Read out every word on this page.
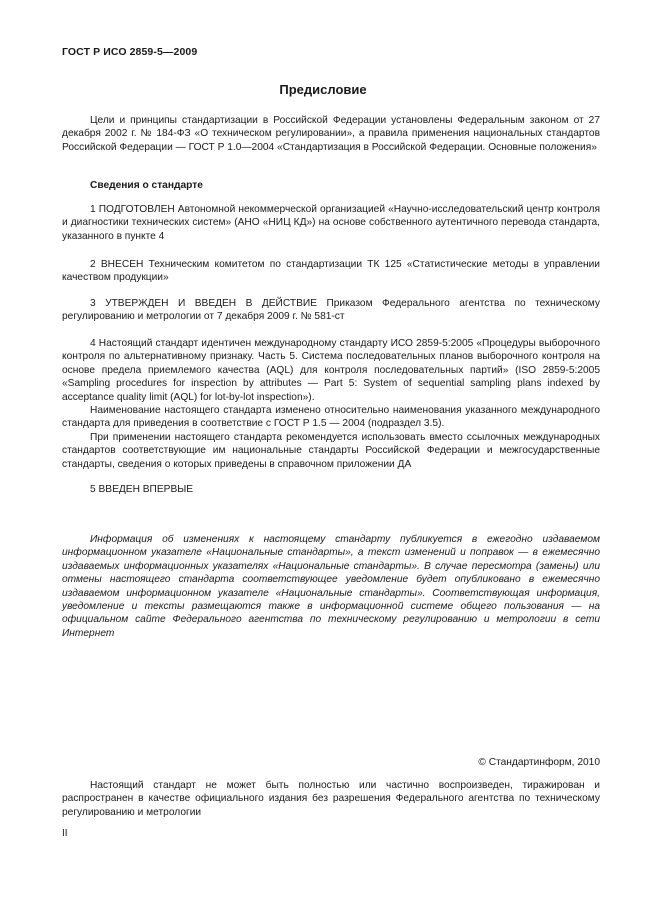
ГОСТ Р ИСО 2859-5—2009
Предисловие

Цели и принципы стандартизации в Российской Федерации установлены Федеральным законом от 27 декабря 2002 г. № 184-ФЗ «О техническом регулировании», а правила применения национальных стандартов Российской Федерации — ГОСТ Р 1.0—2004 «Стандартизация в Российской Федерации. Основные положения»

Сведения о стандарте

1 ПОДГОТОВЛЕН Автономной некоммерческой организацией «Научно-исследовательский центр контроля и диагностики технических систем» (АНО «НИЦ КД») на основе собственного аутентичного перевода стандарта, указанного в пункте 4

2 ВНЕСЕН Техническим комитетом по стандартизации ТК 125 «Статистические методы в управлении качеством продукции»

3 УТВЕРЖДЕН И ВВЕДЕН В ДЕЙСТВИЕ Приказом Федерального агентства по техническому регулированию и метрологии от 7 декабря 2009 г. № 581-ст

4 Настоящий стандарт идентичен международному стандарту ИСО 2859-5:2005 «Процедуры выборочного контроля по альтернативному признаку. Часть 5. Система последовательных планов выборочного контроля на основе предела приемлемого качества (AQL) для контроля последовательных партий» (ISO 2859-5:2005 «Sampling procedures for inspection by attributes — Part 5: System of sequential sampling plans indexed by acceptance quality limit (AQL) for lot-by-lot inspection»).

Наименование настоящего стандарта изменено относительно наименования указанного международного стандарта для приведения в соответствие с ГОСТ Р 1.5 — 2004 (подраздел 3.5).

При применении настоящего стандарта рекомендуется использовать вместо ссылочных международных стандартов соответствующие им национальные стандарты Российской Федерации и межгосударственные стандарты, сведения о которых приведены в справочном приложении ДА

5 ВВЕДЕН ВПЕРВЫЕ

Информация об изменениях к настоящему стандарту публикуется в ежегодно издаваемом информационном указателе «Национальные стандарты», а текст изменений и поправок — в ежемесячно издаваемых информационных указателях «Национальные стандарты». В случае пересмотра (замены) или отмены настоящего стандарта соответствующее уведомление будет опубликовано в ежемесячно издаваемом информационном указателе «Национальные стандарты». Соответствующая информация, уведомление и тексты размещаются также в информационной системе общего пользования — на официальном сайте Федерального агентства по техническому регулированию и метрологии в сети Интернет

© Стандартинформ, 2010

Настоящий стандарт не может быть полностью или частично воспроизведен, тиражирован и распространен в качестве официального издания без разрешения Федерального агентства по техническому регулированию и метрологии

II
